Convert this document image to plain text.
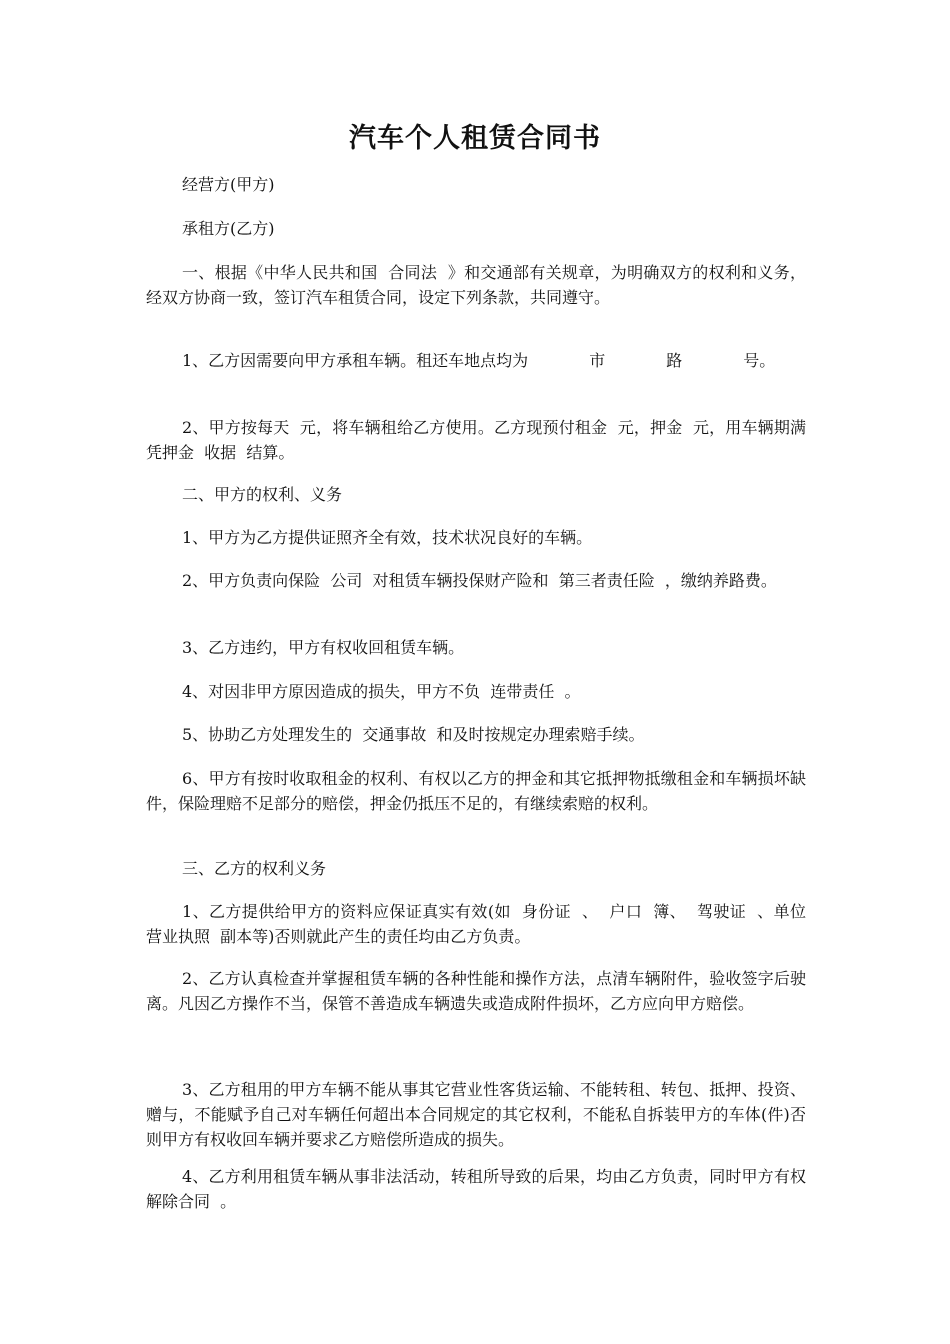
汽车个人租赁合同书

经营方(甲方)

承租方(乙方)

一、根据《中华人民共和国  合同法  》和交通部有关规章，为明确双方的权利和义务，经双方协商一致，签订汽车租赁合同，设定下列条款，共同遵守。

1、乙方因需要向甲方承租车辆。租还车地点均为            市            路            号。

2、甲方按每天  元，将车辆租给乙方使用。乙方现预付租金  元，押金  元，用车辆期满凭押金  收据  结算。

二、甲方的权利、义务

1、甲方为乙方提供证照齐全有效，技术状况良好的车辆。

2、甲方负责向保险  公司  对租赁车辆投保财产险和  第三者责任险  ，缴纳养路费。

3、乙方违约，甲方有权收回租赁车辆。

4、对因非甲方原因造成的损失，甲方不负  连带责任  。

5、协助乙方处理发生的  交通事故  和及时按规定办理索赔手续。

6、甲方有按时收取租金的权利、有权以乙方的押金和其它抵押物抵缴租金和车辆损坏缺件，保险理赔不足部分的赔偿，押金仍抵压不足的，有继续索赔的权利。

三、乙方的权利义务

1、乙方提供给甲方的资料应保证真实有效(如  身份证  、  户口  簿、  驾驶证  、单位  营业执照  副本等)否则就此产生的责任均由乙方负责。

2、乙方认真检查并掌握租赁车辆的各种性能和操作方法，点清车辆附件，验收签字后驶离。凡因乙方操作不当，保管不善造成车辆遗失或造成附件损坏，乙方应向甲方赔偿。

3、乙方租用的甲方车辆不能从事其它营业性客货运输、不能转租、转包、抵押、投资、赠与，不能赋予自己对车辆任何超出本合同规定的其它权利，不能私自拆装甲方的车体(件)否则甲方有权收回车辆并要求乙方赔偿所造成的损失。

4、乙方利用租赁车辆从事非法活动，转租所导致的后果，均由乙方负责，同时甲方有权  解除合同  。
